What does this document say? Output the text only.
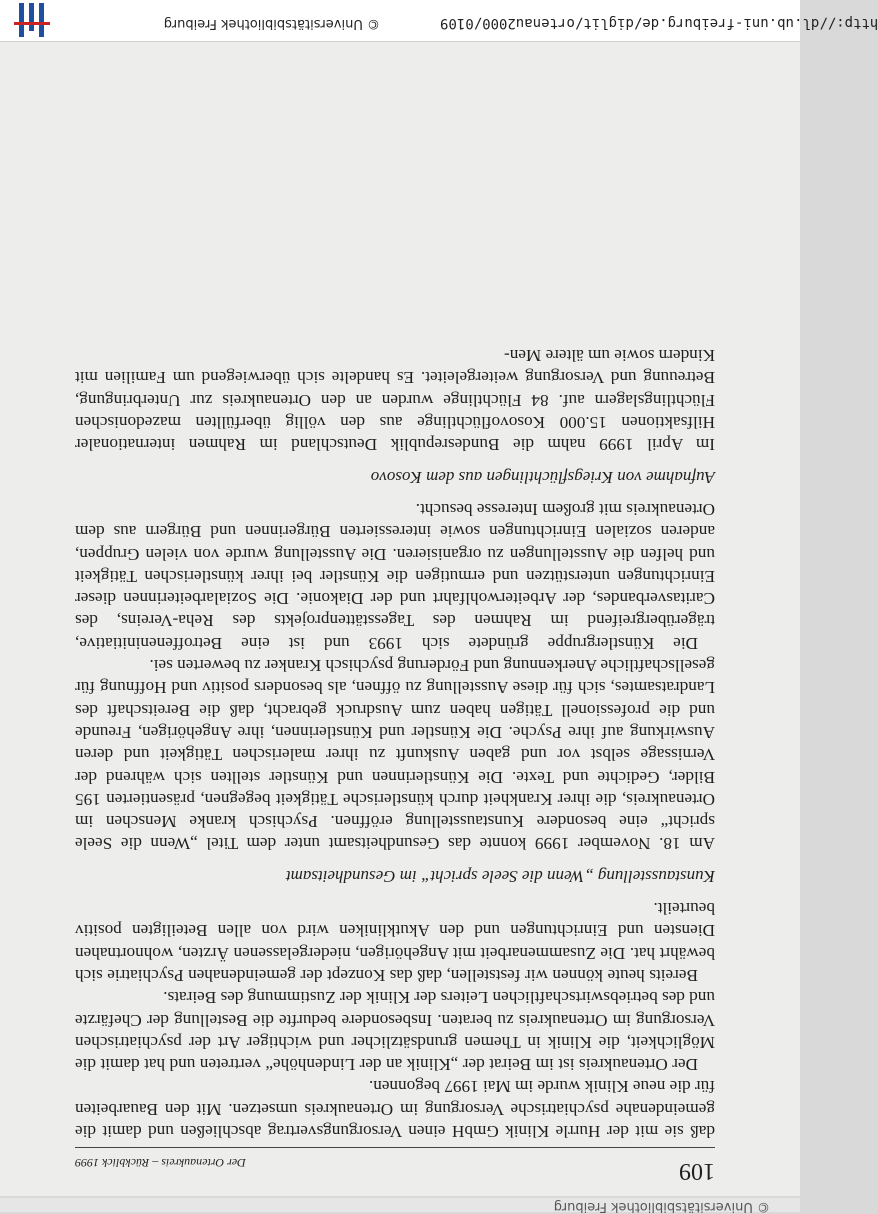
© Universitätsbibliothek Freiburg
109
Der Ortenaukreis – Rückblick 1999

daß sie mit der Hurrle Klinik GmbH einen Versorgungsvertrag abschließen und damit die gemeindenahe psychiatrische Versorgung im Ortenaukreis umsetzen. Mit den Bauarbeiten für die neue Klinik wurde im Mai 1997 begonnen.

Der Ortenaukreis ist im Beirat der „Klinik an der Lindenhöhe“ vertreten und hat damit die Möglichkeit, die Klinik in Themen grundsätzlicher und wichtiger Art der psychiatrischen Versorgung im Ortenaukreis zu beraten. Insbesondere bedurfte die Bestellung der Chefärzte und des betriebswirtschaftlichen Leiters der Klinik der Zustimmung des Beirats.

Bereits heute können wir feststellen, daß das Konzept der gemeindenahen Psychiatrie sich bewährt hat. Die Zusammenarbeit mit Angehörigen, niedergelassenen Ärzten, wohnortnahen Diensten und Einrichtungen und den Akutkliniken wird von allen Beteiligten positiv beurteilt.

Kunstausstellung „Wenn die Seele spricht“ im Gesundheitsamt

Am 18. November 1999 konnte das Gesundheitsamt unter dem Titel „Wenn die Seele spricht“ eine besondere Kunstausstellung eröffnen. Psychisch kranke Menschen im Ortenaukreis, die ihrer Krankheit durch künstlerische Tätigkeit begegnen, präsentierten 195 Bilder, Gedichte und Texte. Die Künstlerinnen und Künstler stellten sich während der Vernissage selbst vor und gaben Auskunft zu ihrer malerischen Tätigkeit und deren Auswirkung auf ihre Psyche. Die Künstler und Künstlerinnen, ihre Angehörigen, Freunde und die professionell Tätigen haben zum Ausdruck gebracht, daß die Bereitschaft des Landratsamtes, sich für diese Ausstellung zu öffnen, als besonders positiv und Hoffnung für gesellschaftliche Anerkennung und Förderung psychisch Kranker zu bewerten sei.

Die Künstlergruppe gründete sich 1993 und ist eine Betroffeneninitiative, trägerübergreifend im Rahmen des Tagesstättenprojekts des Reha-Vereins, des Caritasverbandes, der Arbeiterwohlfahrt und der Diakonie. Die Sozialarbeiterinnen dieser Einrichtungen unterstützen und ermutigen die Künstler bei ihrer künstlerischen Tätigkeit und helfen die Ausstellungen zu organisieren. Die Ausstellung wurde von vielen Gruppen, anderen sozialen Einrichtungen sowie interessierten Bürgerinnen und Bürgern aus dem Ortenaukreis mit großem Interesse besucht.

Aufnahme von Kriegsflüchtlingen aus dem Kosovo

Im April 1999 nahm die Bundesrepublik Deutschland im Rahmen internationaler Hilfsaktionen 15.000 Kosovoflüchtlinge aus den völlig überfüllten mazedonischen Flüchtlingslagern auf. 84 Flüchtlinge wurden an den Ortenaukreis zur Unterbringung, Betreuung und Versorgung weitergeleitet. Es handelte sich überwiegend um Familien mit Kindern sowie um ältere Men-

http://dl.ub.uni-freiburg.de/diglit/ortenau2000/0109
© Universitätsbibliothek Freiburg
